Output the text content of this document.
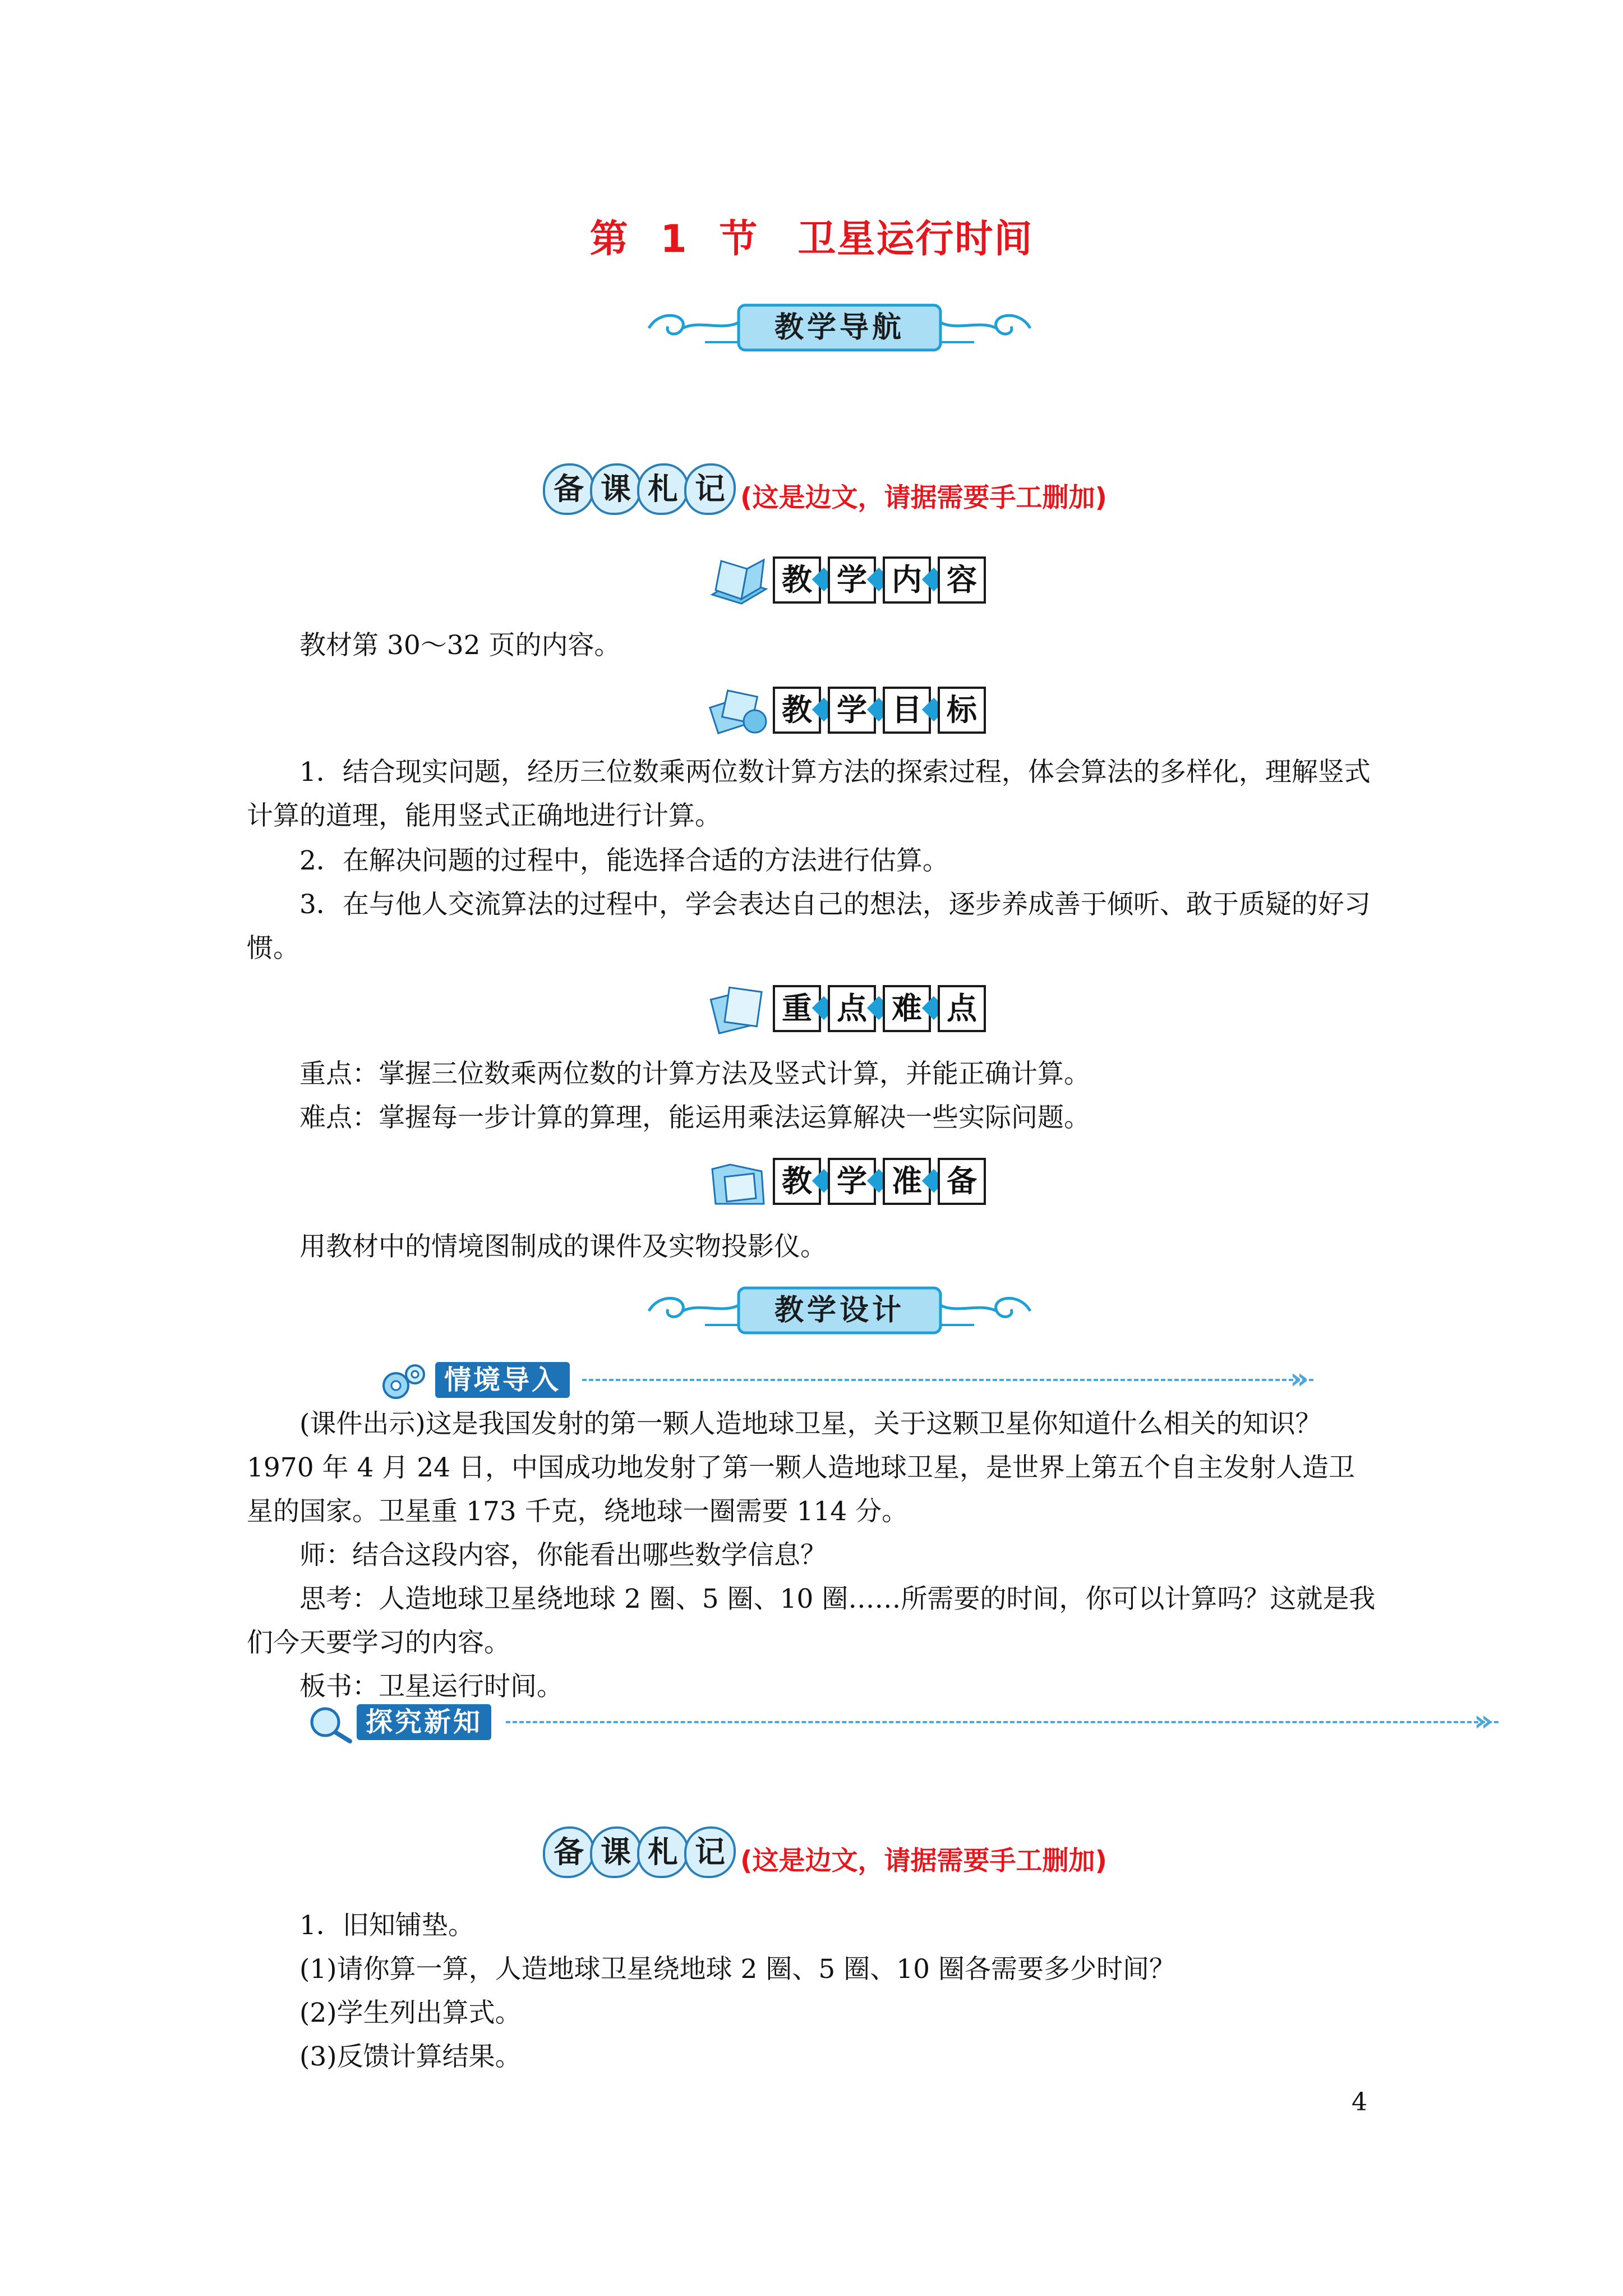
第 1 节　卫星运行时间
教学导航
备 课 札 记 (这是边文，请据需要手工删加)
教 学 内 容
教材第 30～32 页的内容。
教 学 目 标
1．结合现实问题，经历三位数乘两位数计算方法的探索过程，体会算法的多样化，理解竖式计算的道理，能用竖式正确地进行计算。
2．在解决问题的过程中，能选择合适的方法进行估算。
3．在与他人交流算法的过程中，学会表达自己的想法，逐步养成善于倾听、敢于质疑的好习惯。
重 点 难 点
重点：掌握三位数乘两位数的计算方法及竖式计算，并能正确计算。
难点：掌握每一步计算的算理，能运用乘法运算解决一些实际问题。
教 学 准 备
用教材中的情境图制成的课件及实物投影仪。
教学设计
情境导入	»
(课件出示)这是我国发射的第一颗人造地球卫星，关于这颗卫星你知道什么相关的知识？1970 年 4 月 24 日，中国成功地发射了第一颗人造地球卫星，是世界上第五个自主发射人造卫星的国家。卫星重 173 千克，绕地球一圈需要 114 分。
师：结合这段内容，你能看出哪些数学信息？
思考：人造地球卫星绕地球 2 圈、5 圈、10 圈……所需要的时间，你可以计算吗？这就是我们今天要学习的内容。
板书：卫星运行时间。
探究新知	»
备 课 札 记 (这是边文，请据需要手工删加)
1．旧知铺垫。
(1)请你算一算，人造地球卫星绕地球 2 圈、5 圈、10 圈各需要多少时间？
(2)学生列出算式。
(3)反馈计算结果。
4
